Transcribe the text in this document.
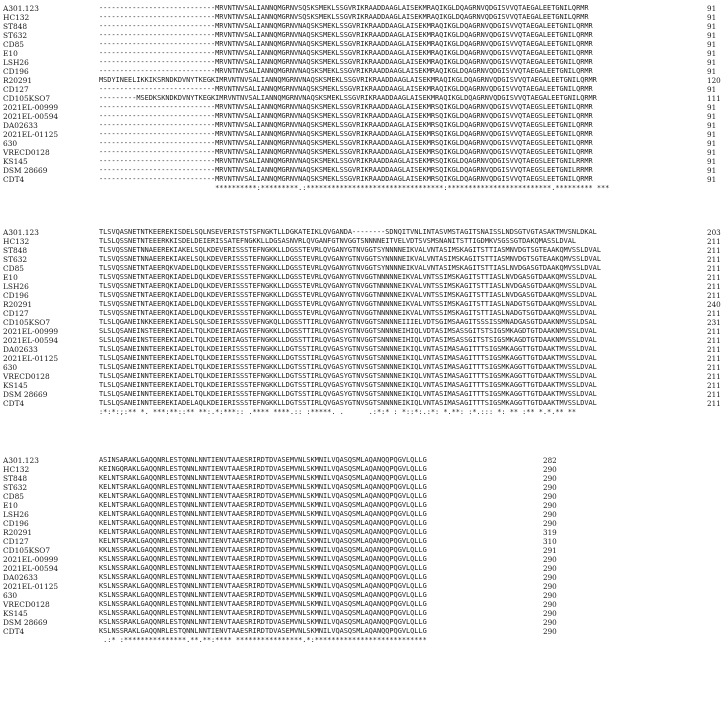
A301.123	----------------------------MRVNTNVSALIANNQMGRNVSQSKSMEKLSSGVRIKRAADDAAGLAISEKMRAQIKGLDQAGRNVQDGISVVQTAEGALEETGNILQRMR	91
HC132	----------------------------MRVNTNVSALIANNQMGRNVSQSKSMEKLSSGVRIKRAADDAAGLAISEKMRAQIKGLDQAGRNVQDGISVVQTAEGALEETGNILQRMR	91
ST848	----------------------------MRVNTNVSALIANNQMGRNVNAQSKSMEKLSSGVRIKRAADDAAGLAISEKMRAQIKGLDQAGRNVQDGISVVQTAEGALEETGNILQRMR	91
ST632	----------------------------MRVNTNVSALIANNQMGRNVNAQSKSMEKLSSGVRIKRAADDAAGLAISEKMRAQIKGLDQAGRNVQDGISVVQTAEGALEETGNILQRMR	91
CD85	----------------------------MRVNTNVSALIANNQMGRNVNAQSKSMEKLSSGVRIKRAADDAAGLAISEKMRAQIKGLDQAGRNVQDGISVVQTAEGALEETGNILQRMR	91
E10	----------------------------MRVNTNVSALIANNQMGRNVNAQSKSMEKLSSGVRIKRAADDAAGLAISEKMRAQIKGLDQAGRNVQDGISVVQTAEGALEETGNILQRMR	91
LSH26	----------------------------MRVNTNVSALIANNQMGRNVNAQSKSMEKLSSGVRIKRAADDAAGLAISEKMRAQIKGLDQAGRNVQDGISVVQTAEGALEETGNILQRMR	91
CD196	----------------------------MRVNTNVSALIANNQMGRNVNAQSKSMEKLSSGVRIKRAADDAAGLAISEKMRAQIKGLDQAGRNVQDGISVVQTAEGALEETGNILQRMR	91
R20291	MSDYINEELIKKIKSRNDKDVNYTKEGKIMRVNTNVSALIANNQMGRNVNAQSKSMEKLSSGVRIKRAADDAAGLAISEKMRAQIKGLDQAGRNVQDGISVVQTAEGALEETGNILQRMR	120
CD127	----------------------------MRVNTNVSALIANNQMGRNVNAQSKSMEKLSSGVRIKRAADDAAGLAISEKMRAQIKGLDQAGRNVQDGISVVQTAEGALEETGNILQRMR	91
CD105KSO7	---------MSEDKSKNDKDVNYTKEGKIMRVNTNVSALIANNQMGRNVNAQSKSMEKLSSGVRIKRAADDAAGLAISEKMRAQIKGLDQAGRNVQDGISVVQTAEGALEETGNILQRMR	111
2021EL-00999	----------------------------MRVNTNVSALIANNQMGRNVNAQSKSMEKLSSGVRIKRAADDAAGLAISEKMRSQIKGLDQAGRNVQDGISVVQTAEGSLEETGNILQRMR	91
2021EL-00594	----------------------------MRVNTNVSALIANNQMGRNVNAQSKSMEKLSSGVRIKRAADDAAGLAISEKMRSQIKGLDQAGRNVQDGISVVQTAEGSLEETGNILQRMR	91
DA02633	----------------------------MRVNTNVSALIANNQMGRNVNAQSKSMEKLSSGVRIKRAADDAAGLAISEKMRSQIKGLDQAGRNVQDGISVVQTAEGSLEETGNILQRMR	91
2021EL-01125	----------------------------MRVNTNVSALIANNQMGRNVNAQSKSMEKLSSGVRIKRAADDAAGLAISEKMRSQIKGLDQAGRNVQDGISVVQTAEGSLEETGNILQRMR	91
630	----------------------------MRVNTNVSALIANNQMGRNVNAQSKSMEKLSSGVRIKRAADDAAGLAISEKMRSQIKGLDQAGRNVQDGISVVQTAEGSLEETGNILQRMR	91
VRECD0128	----------------------------MRVNTNVSALIANNQMGRNVNAQSKSMEKLSSGVRIKRAADDAAGLAISEKMRSQIKGLDQAGRNVQDGISVVQTAEGSLEETGNILQRMR	91
KS145	----------------------------MRVNTNVSALIANNQMGRNVNAQSKSMEKLSSGVRIKRAADDAAGLAISEKMRSQIKGLDQAGRNVQDGISVVQTAEGSLEETGNILRRMR	91
DSM 28669	----------------------------MRVNTNVSALIANNQMGRNVNAQSKSMEKLSSGVRIKRAADDAAGLAISEKMRSQIKGLDQAGRNVQDGISVVQTAEGSLEETGNILRRMR	91
CDT4	----------------------------MRVNTNVSALIANNQMGRNVNAQSKSMEKLSSGVRIKRAADDAAGLAISEKMRSQIKGLDQAGRNVQDGISVVQTAEGSLEETGNILQRMR	91
**********:*********.:*********************************:*************************.********* ***
A301.123	TLSVQASNETNTKEEREKISDELSQLNSEVERISTSTSFNGKTLLDGKATEIKLQVGANDA--------SDNQITVNLINTASVMSTAGITSNAISSLNDSGTVGTASAKTMVSNLDKAL	203
HC132	TLSLQSSNETNTEEERKKISDELDEIERISSATEFNGKKLLDGSASNVRLQVGANFGTNVGGTSNNNNEITVELVDTSVSMSNANITSTTIGDMKVSGSSGTDAKQMASSLDVAL	211
ST848	TLSVQSSNETNNAEEREKIAKELSQLKDEVERISSSTEFNGKKLLDGSSTEVRLQVGANYGTNVGGTSYNNNNEIKVALVNTASIMSKAGITSTTIASMNVDGTSGTEAAKQMVSSLDVAL	211
ST632	TLSVQSSNETNNAEEREKIAKELSQLKDEVERISSSTEFNGKKLLDGSSTEVRLQVGANYGTNVGGTSYNNNNEIKVALVNTASIMSKAGITSTTIASMNVDGTSGTEAAKQMVSSLDVAL	211
CD85	TLSVQSSNETNTAEERQKVADELDQLKDEVERISSSTEFNGKKLLDGSSTEVRLQVGANYGTNVGGTSYNNNNEIKVALVNTASIMSKAGITSTTIASLNVDGASGTDAAKQMVSSLDVAL	211
E10	TLSVQSSNETNTAEERQKIADELDQLKDEVERISSSTEFNGKKLLDGSSTEVRLQVGANYGTNVGGTNNNNNEIKVALVNTSSIMSKAGITSTTIASLNVDGASGTDAAKQMVSSLDVAL	211
LSH26	TLSVQSSNETNTAEERQKIADELDQLKDEVERISSSTEFNGKKLLDGSSTEVRLQVGANYGTNVGGTNNNNNEIKVALVNTSSIMSKAGITSTTIASLNVDGASGTDAAKQMVSSLDVAL	211
CD196	TLSVQSSNETNTAEERQKIADELDQLKDEVERISSSTEFNGKKLLDGSSTEVRLQVGANYGTNVGGTNNNNNEIKVALVNTSSIMSKAGITSTTIASLNVDGASGTDAAKQMVSSLDVAL	211
R20291	TLSVQSSNETNTAEERQKIADELDQLKDEVERISSSTEFNGKKLLDGSSTEVRLQVGANYGTNVGGTNNNNNEIKVALVNTSSIMSKAGITSTTIASLNADGTSGTDAAKQMVSSLDVAL	240
CD127	TLSVQSSNETNTAEERQKIADELDQLKDEVERISSSTEFNGKKLLDGSSTEVRLQVGANYGTNVGGTNNNNNEIKVALVNTSSIMSKAGITSTTIASLNADGTSGTDAAKQMVSSLDVAL	211
CD105KSO7	TLSLQGANEINKKEEREKIADELSQLSDEIERISSSVEFNGKQLLDGSSTTIRLQVGANYGTNVGGTSNNNNEIIIELVDTSGIMSAAGITSSSISSMNADGASGTDAAKNMVSSLDSAL	231
2021EL-00999	SLSLQSANEINSTEEREKIADELTQLKDEIERIAGSTEFNGKKLLDGSSTTIRLQVGASYGTNVGGTSNNNNEIHIQLVDTASIMSASSGITSTSIGSMKAGDTGTDAAKNMVSSLDVAL	211
2021EL-00594	SLSLQSANEINSTEEREKIADELTQLKDEIERIAGSTEFNGKKLLDGSSTTIRLQVGASYGTNVGGTSNNNNEIHIQLVDTASIMSASSGITSTSIGSMKAGDTGTDAAKNMVSSLDVAL	211
DA02633	TLSLQSANEINNTEEREKIADELTQLKDEIERISSSTEFNGKKLLDGTSSTIRLQVGASYGTNVSGTSNNNNEIKIQLVNTASIMASAGITTTSIGSMKAGGTTGTDAAKTMVSSLDVAL	211
2021EL-01125	TLSLQSANEINNTEEREKIADELTQLKDEIERISSSTEFNGKKLLDGTSSTIRLQVGASYGTNVSGTSNNNNEIKIQLVNTASIMASAGITTTSIGSMKAGGTTGTDAAKTMVSSLDVAL	211
630	TLSLQSANEINNTEEREKIADELTQLKDEIERISSSTEFNGKKLLDGTSSTIRLQVGASYGTNVSGTSNNNNEIKIQLVNTASIMASAGITTTSIGSMKAGGTTGTDAAKTMVSSLDVAL	211
VRECD0128	TLSLQSANEINNTEEREKIADELTQLKDEIERISSSTEFNGKKLLDGTSSTIRLQVGASYGTNVSGTSNNNNEIKIQLVNTASIMASAGITTTSIGSMKAGGTTGTDAAKTMVSSLDVAL	211
KS145	TLSLQSANEINNTEEREKIADELTQLKDEIERISSSTEFNGKKLLDGTSSTIRLQVGASYGTNVSGTSNNNNEIKIQLVNTASIMASAGITTTSIGSMKAGGTTGTDAAKTMVSSLDVAL	211
DSM 28669	TLSLQSANEINNTEEREKIADELTQLKDEIERISSSTEFNGKKLLDGTSSTIRLQVGASYGTNVSGTSNNNNEIKIQLVNTASIMASAGITTTSIGSMKAGGTTGTDAAKTMVSSLDVAL	211
CDT4	TLSLQSANEINNTEEREKIADELAQLKDEIERISSSTEFNGKKLLDGTSSTIRLQVGASYGTNVSGTSNNNNEIKIQLVNTASIMASAGITTTSIGSMKAGGTTGTDAAKTMVSSLDVAL	211
:*:*:;:** *. ***:**::** **:.*:***:: .**** ****.:: :*****. .      .:*:* : *::*:.:*: *.**: :*.::: *: ** :** *.*.** **
A301.123	ASINSARAKLGAQQNRLESTQNNLNNTIENVTAAESRIRDTDVASEMVNLSKMNILVQASQSMLAQANQQPQGVLQLLG	282
HC132	KEINGQRAKLGAQQNRLESTQNNLNNTIENVTAAESRIRDTDVASEMVNLSKMNILVQASQSMLAQANQQPQGVLQLLG	290
ST848	KELNTSRAKLGAQQNRLESTQNNLNNTIENVTAAESRIRDTDVASEMVNLSKMNILVQASQSMLAQANQQPQGVLQLLG	290
ST632	KELNTSRAKLGAQQNRLESTQNNLNNTIENVTAAESRIRDTDVASEMVNLSKMNILVQASQSMLAQANQQPQGVLQLLG	290
CD85	KELNTSRAKLGAQQNRLESTQNNLNNTIENVTAAESRIRDTDVASEMVNLSKMNILVQASQSMLAQANQQPQGVLQLLG	290
E10	KELNTSRAKLGAQQNRLESTQNNLNNTIENVTAAESRIRDTDVASEMVNLSKMNILVQASQSMLAQANQQPQGVLQLLG	290
LSH26	KELNTSRAKLGAQQNRLESTQNNLNNTIENVTAAESRIRDTDVASEMVNLSKMNILVQASQSMLAQANQQPQGVLQLLG	290
CD196	KELNTSRAKLGAQQNRLESTQNNLNNTIENVTAAESRIRDTDVASEMVNLSKMNILVQASQSMLAQANQQPQGVLQLLG	290
R20291	KELNTSRAKLGAQQNRLESTQNNLNNTIENVTAAESRIRDTDVASEMVNLSKMNILVQASQSMLAQANQQPQGVLQLLG	319
CD127	KELNTSRAKLGAQQNRLESTQNNLNNTIENVTAAESRIRDTDVASEMVNLSKMNILVQASQSMLAQANQQPQGVLQLLG	310
CD105KSO7	KKLNSSRAKLGAQQNRLESTQNNLNNTIENVTAAESRIRDTDVASEMVNLSKMNILVQASQSMLAQANQQPQGVLQLLG	291
2021EL-00999	KSLNSSRAKLGAQQNRLESTQNNLNNTIENVTAAESRIRDTDVASEMVNLSKMNILVQASQSMLAQANQQPQGVLQLLG	290
2021EL-00594	KSLNSSRAKLGAQQNRLESTQNNLNNTIENVTAAESRIRDTDVASEMVNLSKMNILVQASQSMLAQANQQPQGVLQLLG	290
DA02633	KSLNSSRAKLGAQQNRLESTQNNLNNTIENVTAAESRIRDTDVASEMVNLSKMNILVQASQSMLAQANQQPQGVLQLLG	290
2021EL-01125	KSLNSSRAKLGAQQNRLESTQNNLNNTIENVTAAESRIRDTDVASEMVNLSKMNILVQASQSMLAQANQQPQGVLQLLG	290
630	KSLNSSRAKLGAQQNRLESTQNNLNNTIENVTAAESRIRDTDVASEMVNLSKMNILVQASQSMLAQANQQPQGVLQLLG	290
VRECD0128	KSLNSSRAKLGAQQNRLESTQNNLNNTIENVTAAESRIRDTDVASEMVNLSKMNILVQASQSMLAQANQQPQGVLQLLG	290
KS145	KSLNSSRAKLGAQQNRLESTQNNLNNTIENVTAAESRIRDTDVASEMVNLSKMNILVQASQSMLAQANQQPQGVLQLLG	290
DSM 28669	KSLNSSRAKLGAQQNRLESTQNNLNNTIENVTAAESRIRDTDVASEMVNLSKMNILVQASQSMLAQANQQPQGVLQLLG	290
CDT4	KSLNSSRAKLGAQQNRLESTQNNLNNTIENVTAAESRIRDTDVASEMVNLSKMNILVQASQSMLAQANQQPQGVLQLLG	290
.:* :***************.**.**:**** ****************.*:***************************
